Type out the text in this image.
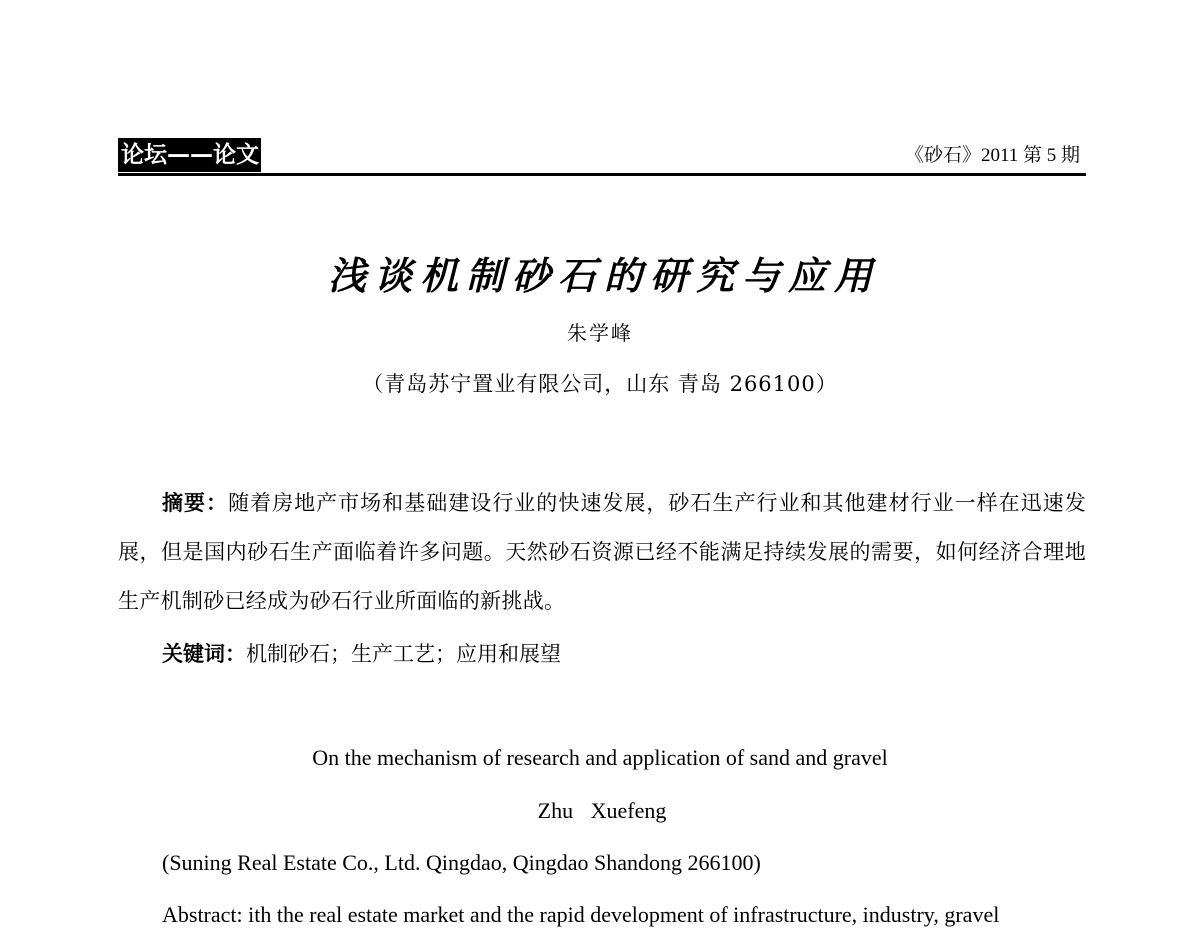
论坛——论文	《砂石》2011 第 5 期
浅谈机制砂石的研究与应用
朱学峰
（青岛苏宁置业有限公司，山东 青岛 266100）
摘要：随着房地产市场和基础建设行业的快速发展，砂石生产行业和其他建材行业一样在迅速发展，但是国内砂石生产面临着许多问题。天然砂石资源已经不能满足持续发展的需要，如何经济合理地生产机制砂已经成为砂石行业所面临的新挑战。
关键词：机制砂石；生产工艺；应用和展望
On the mechanism of research and application of sand and gravel
Zhu Xuefeng
(Suning Real Estate Co., Ltd. Qingdao, Qingdao Shandong 266100)
Abstract: ith the real estate market and the rapid development of infrastructure, industry, gravel
